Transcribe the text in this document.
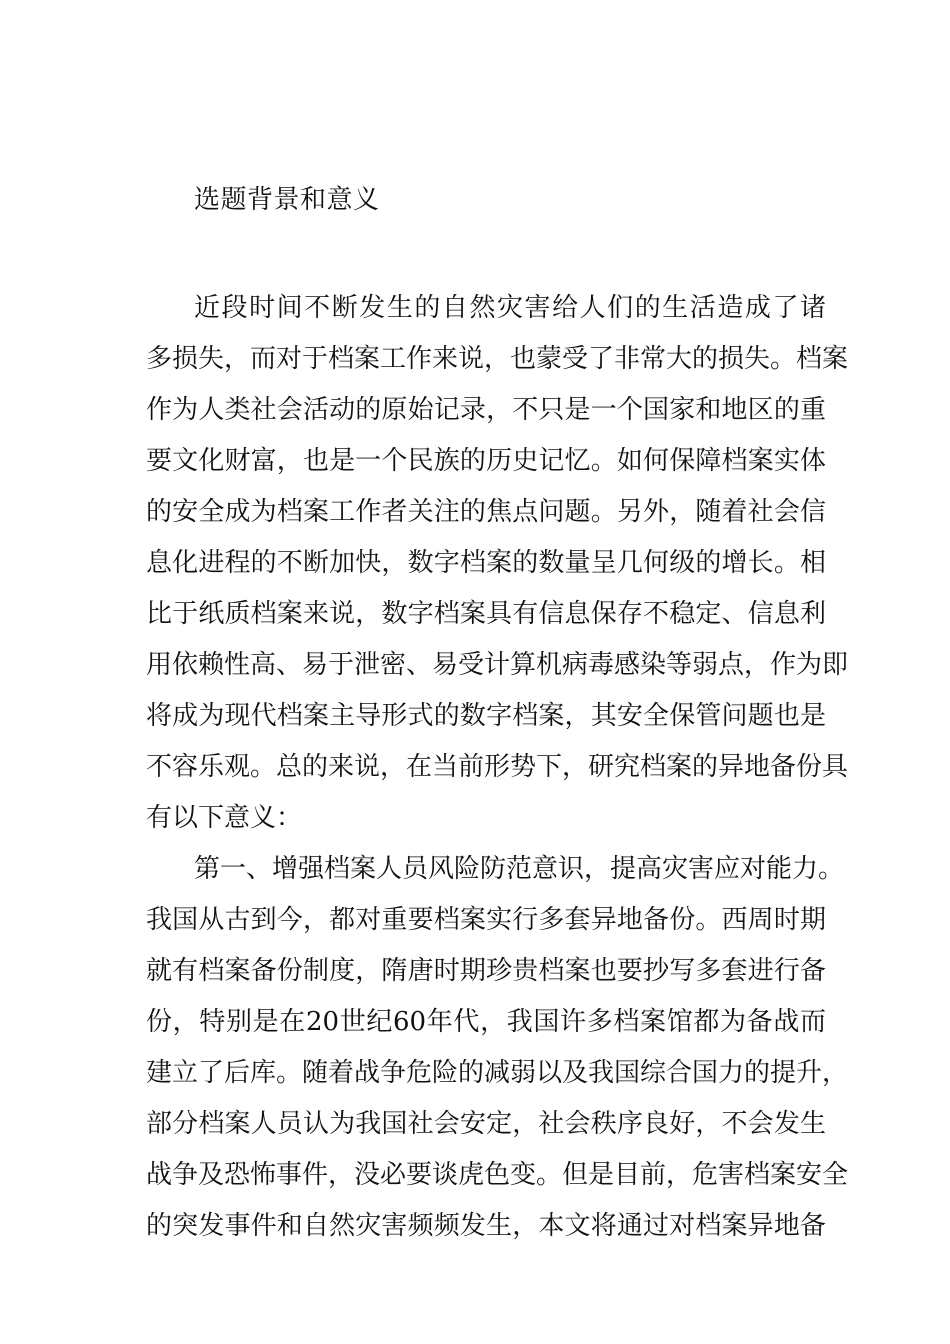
选题背景和意义
近段时间不断发生的自然灾害给人们的生活造成了诸
多损失，而对于档案工作来说，也蒙受了非常大的损失。档案
作为人类社会活动的原始记录，不只是一个国家和地区的重
要文化财富，也是一个民族的历史记忆。如何保障档案实体
的安全成为档案工作者关注的焦点问题。另外，随着社会信
息化进程的不断加快，数字档案的数量呈几何级的增长。相
比于纸质档案来说，数字档案具有信息保存不稳定、信息利
用依赖性高、易于泄密、易受计算机病毒感染等弱点，作为即
将成为现代档案主导形式的数字档案，其安全保管问题也是
不容乐观。总的来说，在当前形势下，研究档案的异地备份具
有以下意义：
第一、增强档案人员风险防范意识，提高灾害应对能力。
我国从古到今，都对重要档案实行多套异地备份。西周时期
就有档案备份制度，隋唐时期珍贵档案也要抄写多套进行备
份，特别是在20世纪60年代，我国许多档案馆都为备战而
建立了后库。随着战争危险的减弱以及我国综合国力的提升，
部分档案人员认为我国社会安定，社会秩序良好，不会发生
战争及恐怖事件，没必要谈虎色变。但是目前，危害档案安全
的突发事件和自然灾害频频发生，本文将通过对档案异地备
